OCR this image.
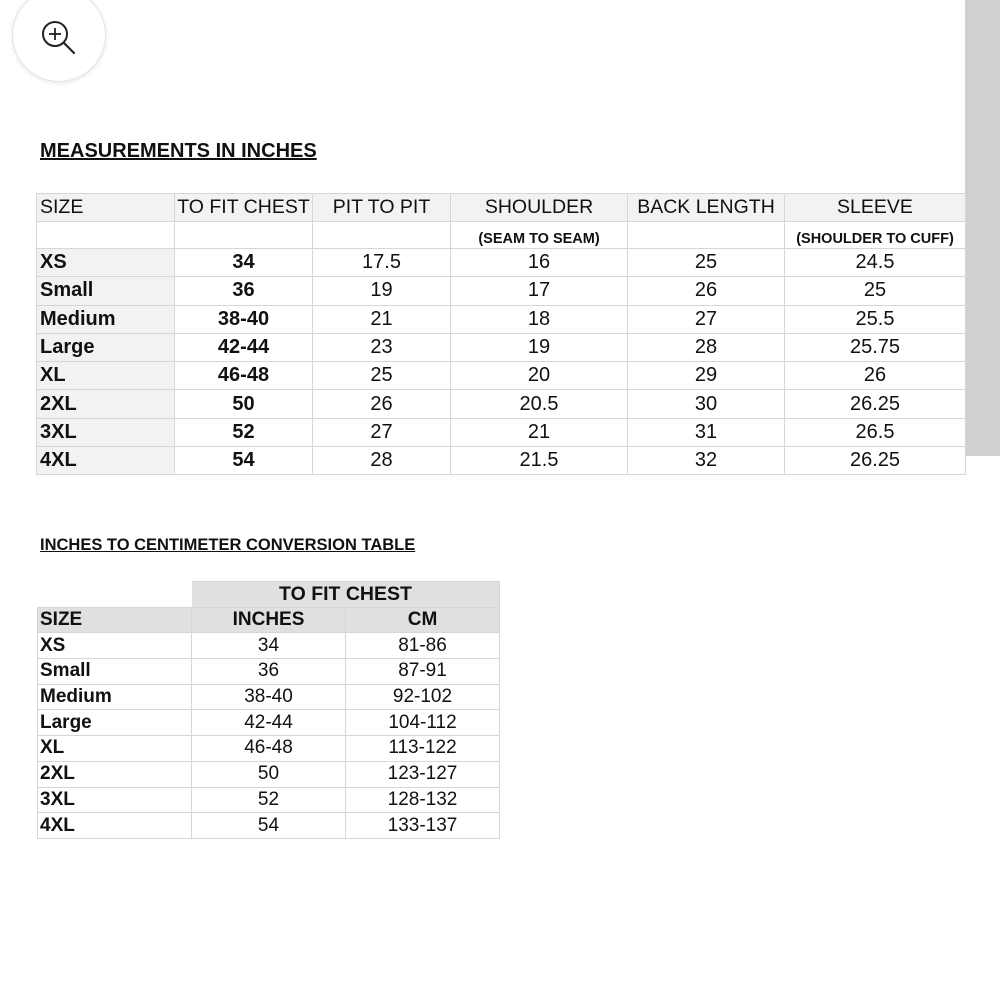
MEASUREMENTS IN INCHES
SIZE	TO FIT CHEST	PIT TO PIT	SHOULDER	BACK LENGTH	SLEEVE
			(SEAM TO SEAM)		(SHOULDER TO CUFF)
XS	34	17.5	16	25	24.5
Small	36	19	17	26	25
Medium	38-40	21	18	27	25.5
Large	42-44	23	19	28	25.75
XL	46-48	25	20	29	26
2XL	50	26	20.5	30	26.25
3XL	52	27	21	31	26.5
4XL	54	28	21.5	32	26.25
INCHES TO CENTIMETER CONVERSION TABLE
	TO FIT CHEST	
SIZE	INCHES	CM
XS	34	81-86
Small	36	87-91
Medium	38-40	92-102
Large	42-44	104-112
XL	46-48	113-122
2XL	50	123-127
3XL	52	128-132
4XL	54	133-137
